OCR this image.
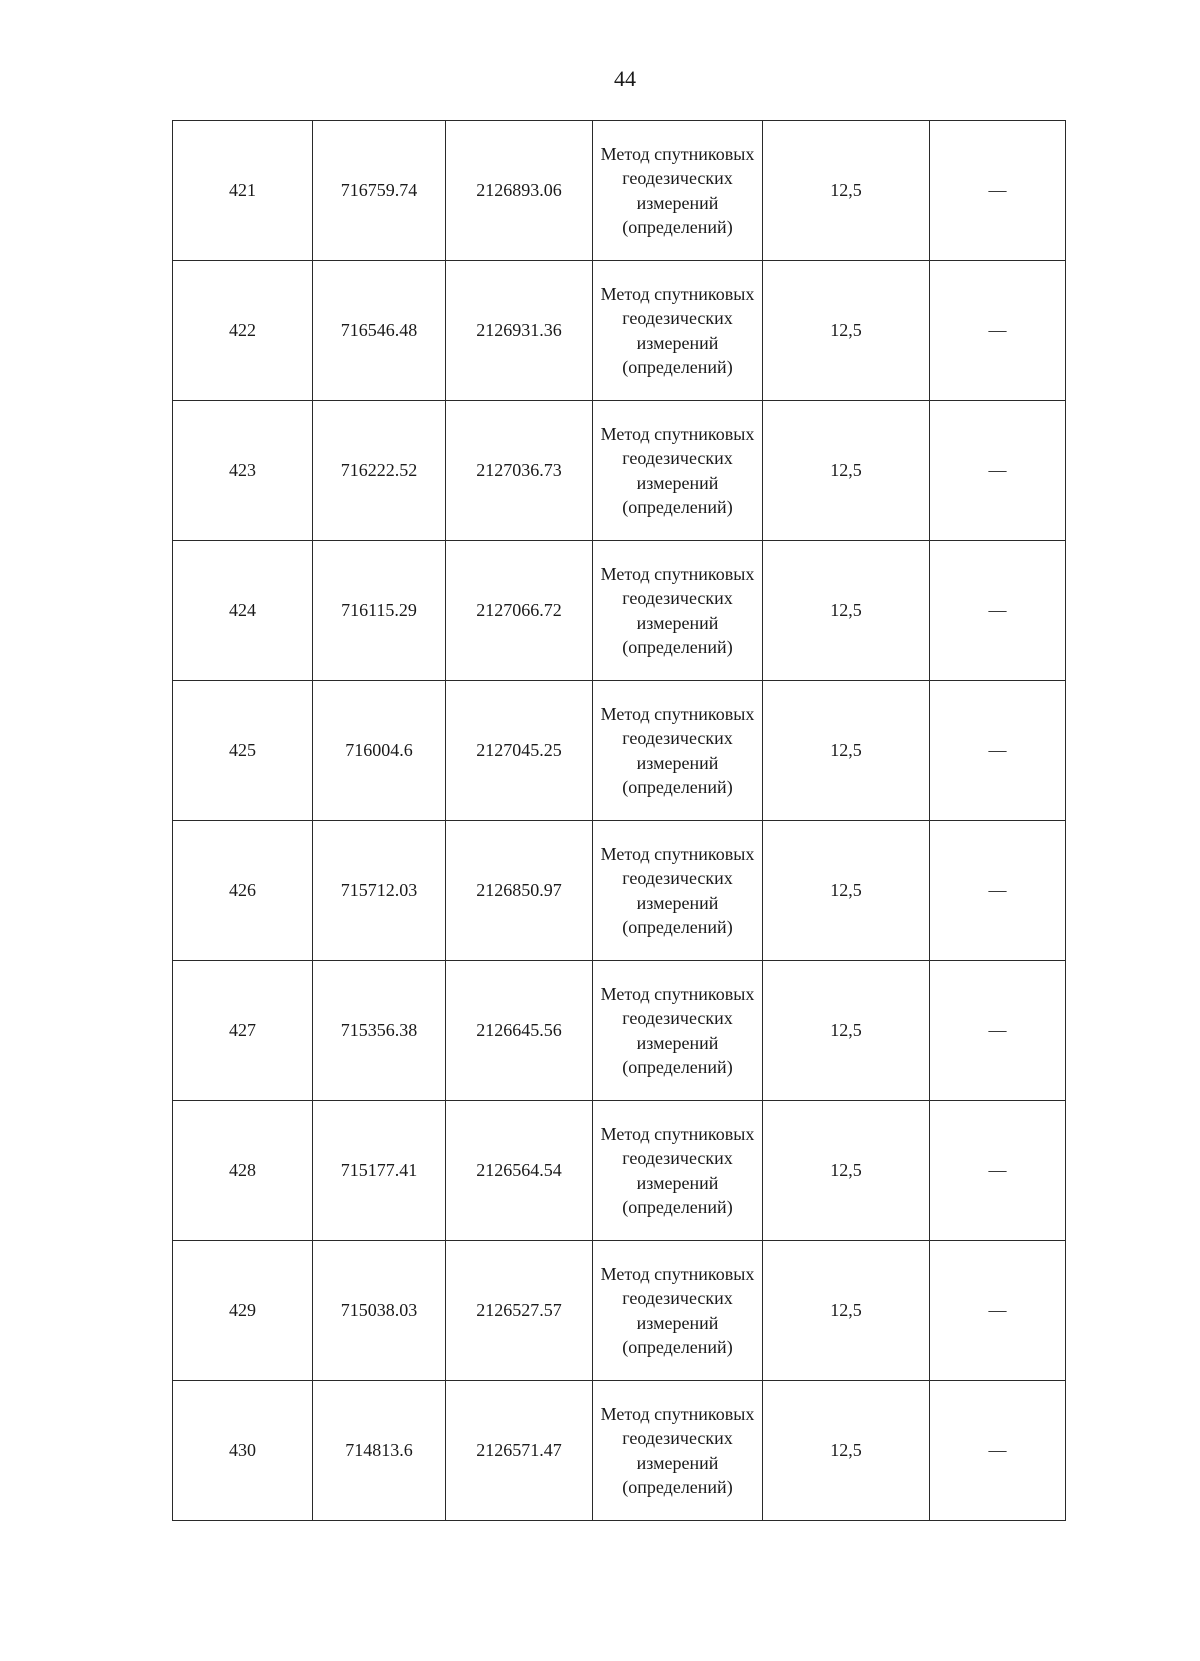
44
421	716759.74	2126893.06	Метод спутниковых геодезических измерений (определений)	12,5	—
422	716546.48	2126931.36	Метод спутниковых геодезических измерений (определений)	12,5	—
423	716222.52	2127036.73	Метод спутниковых геодезических измерений (определений)	12,5	—
424	716115.29	2127066.72	Метод спутниковых геодезических измерений (определений)	12,5	—
425	716004.6	2127045.25	Метод спутниковых геодезических измерений (определений)	12,5	—
426	715712.03	2126850.97	Метод спутниковых геодезических измерений (определений)	12,5	—
427	715356.38	2126645.56	Метод спутниковых геодезических измерений (определений)	12,5	—
428	715177.41	2126564.54	Метод спутниковых геодезических измерений (определений)	12,5	—
429	715038.03	2126527.57	Метод спутниковых геодезических измерений (определений)	12,5	—
430	714813.6	2126571.47	Метод спутниковых геодезических измерений (определений)	12,5	—
